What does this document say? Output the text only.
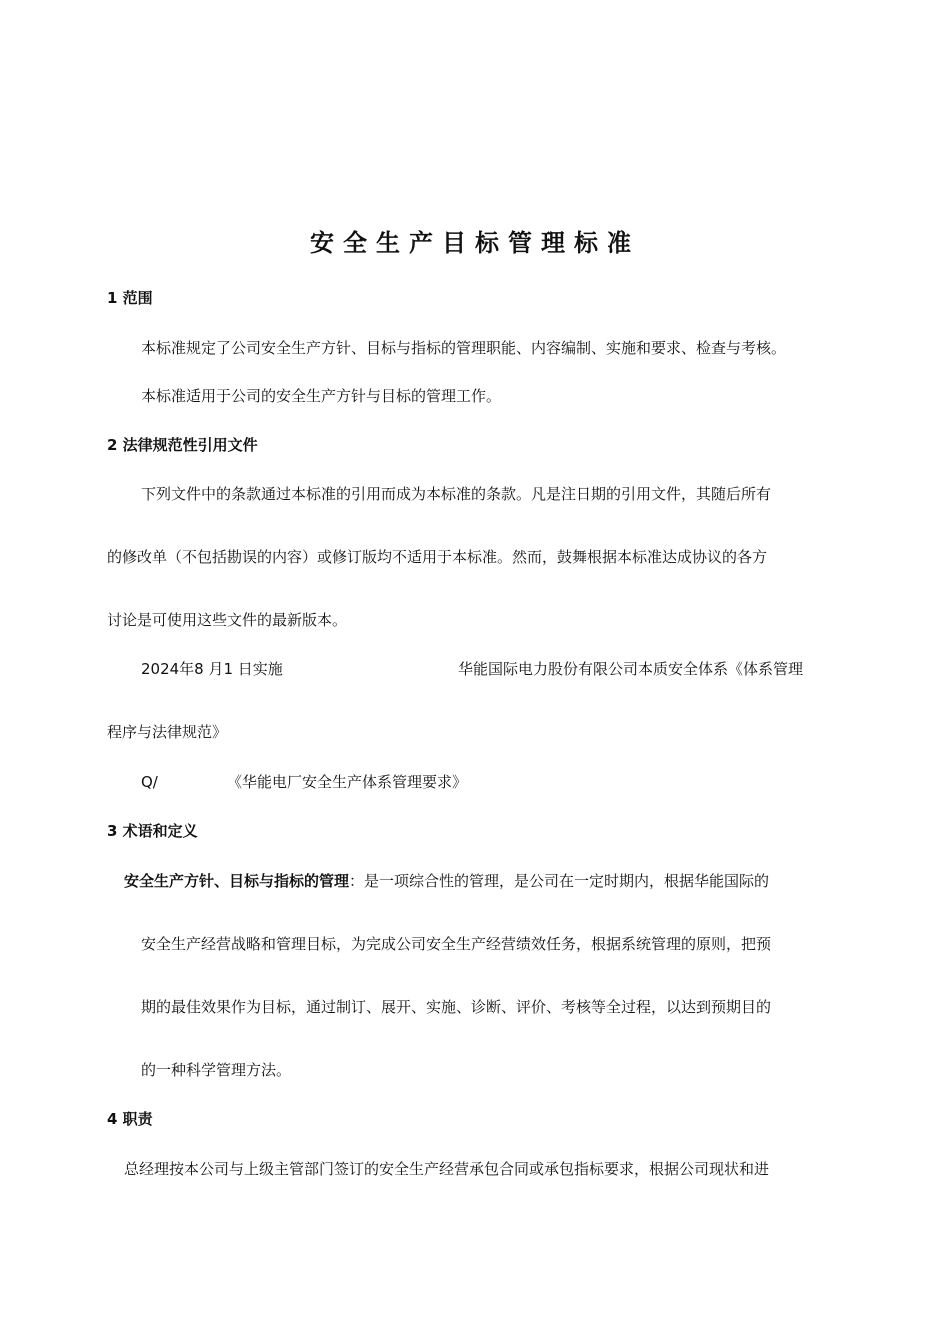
安全生产目标管理标准

1 范围

本标准规定了公司安全生产方针、目标与指标的管理职能、内容编制、实施和要求、检查与考核。

本标准适用于公司的安全生产方针与目标的管理工作。

2 法律规范性引用文件

下列文件中的条款通过本标准的引用而成为本标准的条款。凡是注日期的引用文件，其随后所有

的修改单（不包括勘误的内容）或修订版均不适用于本标准。然而，鼓舞根据本标准达成协议的各方

讨论是可使用这些文件的最新版本。

2024年8 月1 日实施	华能国际电力股份有限公司本质安全体系《体系管理

程序与法律规范》

Q/	《华能电厂安全生产体系管理要求》

3 术语和定义

安全生产方针、目标与指标的管理：是一项综合性的管理，是公司在一定时期内，根据华能国际的

安全生产经营战略和管理目标，为完成公司安全生产经营绩效任务，根据系统管理的原则，把预

期的最佳效果作为目标，通过制订、展开、实施、诊断、评价、考核等全过程，以达到预期目的

的一种科学管理方法。

4 职责

总经理按本公司与上级主管部门签订的安全生产经营承包合同或承包指标要求，根据公司现状和进
